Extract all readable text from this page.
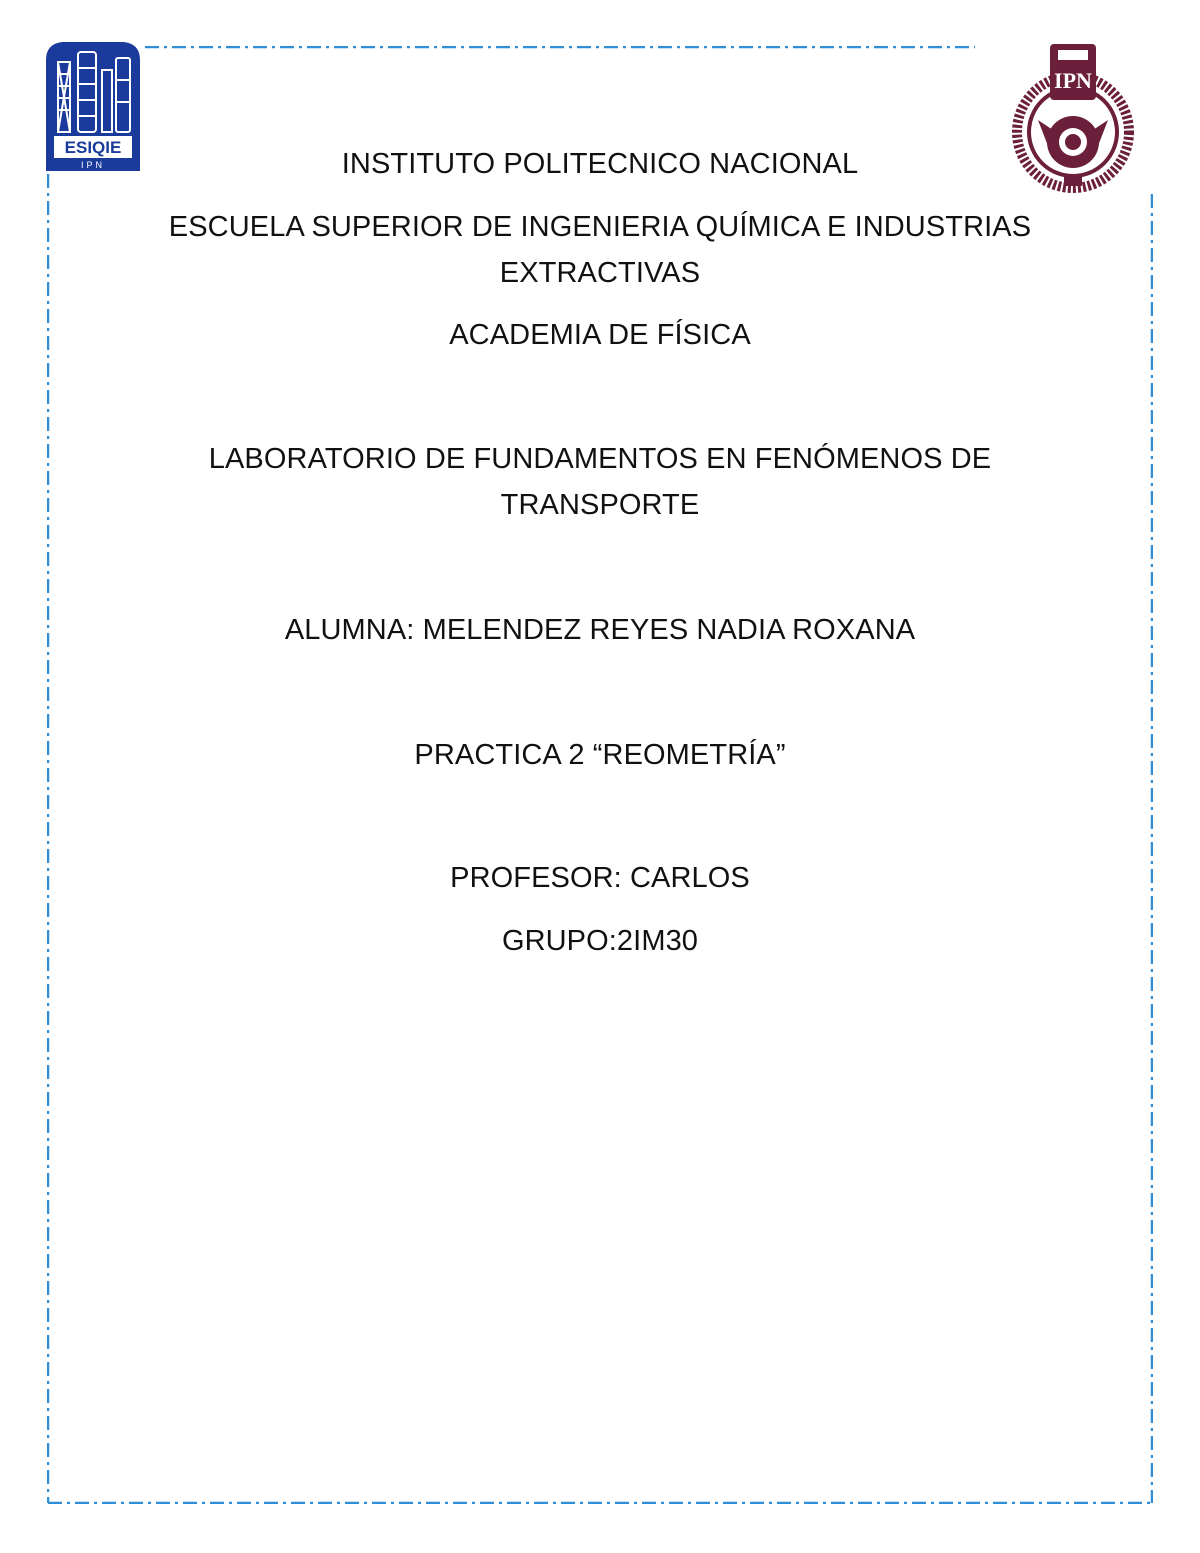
ESIQIE
IPN
IPN
INSTITUTO POLITECNICO NACIONAL
ESCUELA SUPERIOR DE INGENIERIA QUÍMICA E INDUSTRIAS
EXTRACTIVAS
ACADEMIA DE FÍSICA
LABORATORIO DE FUNDAMENTOS EN FENÓMENOS DE
TRANSPORTE
ALUMNA: MELENDEZ REYES NADIA ROXANA
PRACTICA 2 “REOMETRÍA”
PROFESOR: CARLOS
GRUPO:2IM30
